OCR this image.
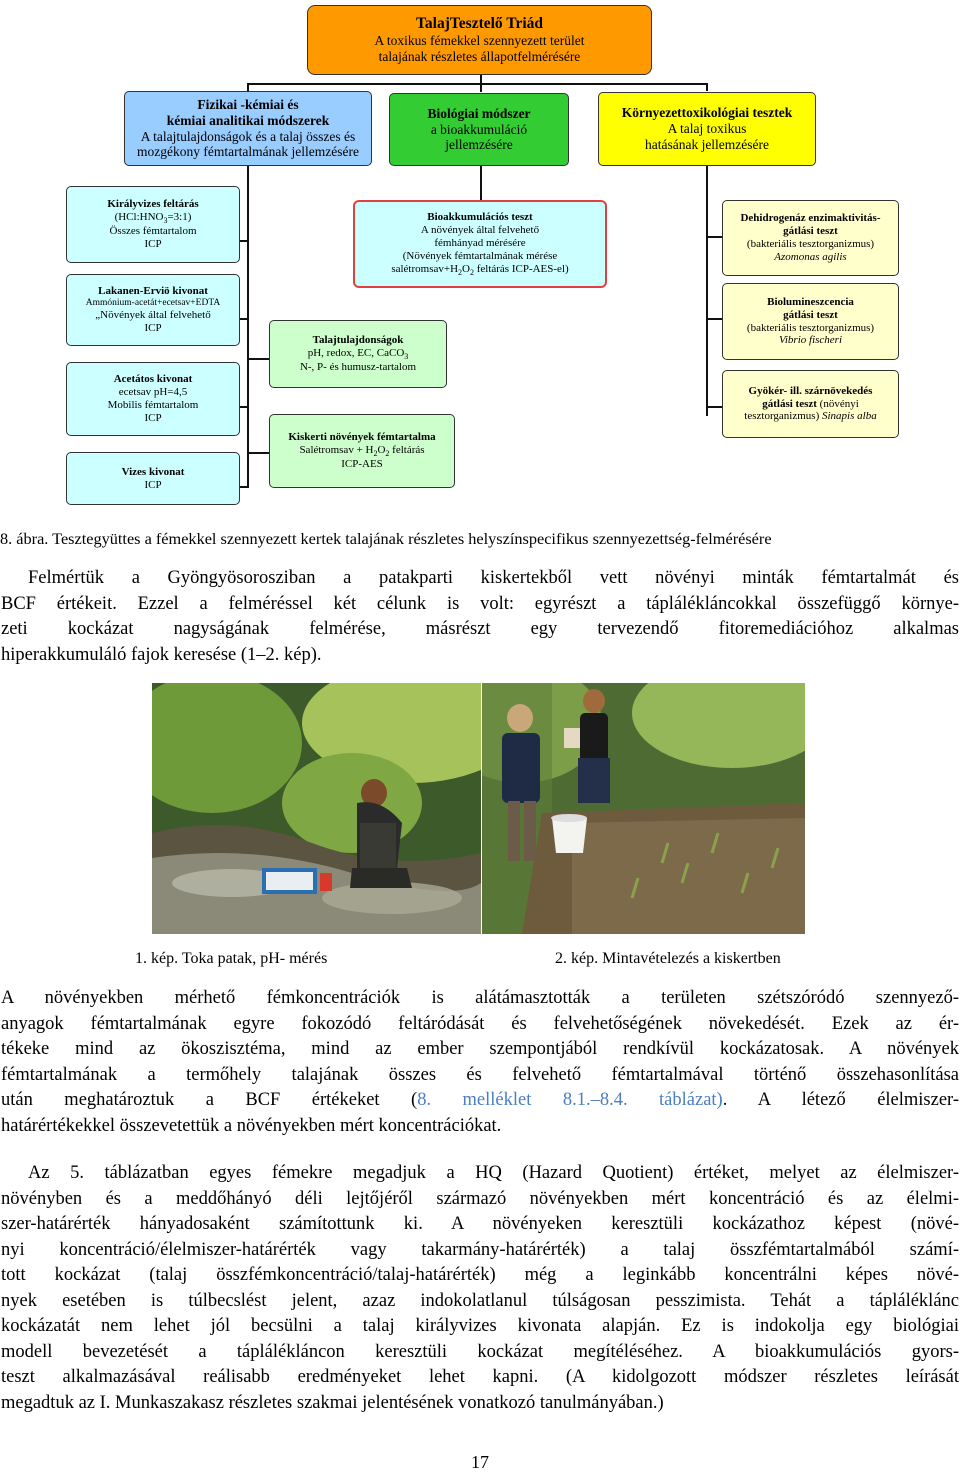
TalajTesztelő Triád
A toxikus fémekkel szennyezett terület
talajának részletes állapotfelmérésére
Fizikai -kémiai és
kémiai analitikai módszerek
A talajtulajdonságok és a talaj összes és
mozgékony fémtartalmának jellemzésére
Biológiai módszer
a bioakkumuláció
jellemzésére
Környezettoxikológiai tesztek
A talaj toxikus
hatásának jellemzésére
Királyvizes feltárás
$(HCl:HNO_3=3:1)$
Összes fémtartalom
ICP
Lakanen-Erviö kivonat
Ammónium-acetát+ecetsav+EDTA
„Növények által felvehető
ICP
Acetátos kivonat
ecetsav pH=4,5
Mobilis fémtartalom
ICP
Vizes kivonat
ICP
Bioakkumulációs teszt
A növények által felvehető
fémhányad mérésére
(Növények fémtartalmának mérése
$salétromsav+H_2O_2$ feltárás ICP-AES-el)
Talajtulajdonságok
pH, redox, EC, CaCO$_3$
N-, P- és humusz-tartalom
Kiskerti növények fémtartalma
Salétromsav + $H_2O_2$ feltárás
ICP-AES
Dehidrogenáz enzimaktivitás-
gátlási teszt
(bakteriális tesztorganizmus)
Azomonas agilis
Biolumineszcencia
gátlási teszt
(bakteriális tesztorganizmus)
Vibrio fischeri
Gyökér- ill. szárnövekedés
gátlási teszt (növényi
tesztorganizmus) Sinapis alba
8. ábra. Tesztegyüttes a fémekkel szennyezett kertek talajának részletes helyszínspecifikus szennyezettség-felmérésére
Felmértük a Gyöngyösorosziban a patakparti kiskertekből vett növényi minták fémtartalmát és
BCF értékeit. Ezzel a felméréssel két célunk is volt: egyrészt a táplálékláncokkal összefüggő környe-
zeti kockázat nagyságának felmérése, másrészt egy tervezendő fitoremediációhoz alkalmas
hiperakkumuláló fajok keresése (1–2. kép).
1. kép. Toka patak, pH- mérés	2. kép. Mintavételezés a kiskertben
A növényekben mérhető fémkoncentrációk is alátámasztották a területen szétszóródó szennyező-
anyagok fémtartalmának egyre fokozódó feltáródását és felvehetőségének növekedését. Ezek az ér-
tékeke mind az ökoszisztéma, mind az ember szempontjából rendkívül kockázatosak. A növények
fémtartalmának a termőhely talajának összes és felvehető fémtartalmával történő összehasonlítása
után meghatároztuk a BCF értékeket (8. melléklet 8.1.–8.4. táblázat). A létező élelmiszer-
határértékekkel összevetettük a növényekben mért koncentrációkat.
Az 5. táblázatban egyes fémekre megadjuk a HQ (Hazard Quotient) értéket, melyet az élelmiszer-
növényben és a meddőhányó déli lejtőjéről származó növényekben mért koncentráció és az élelmi-
szer-határérték hányadosaként számítottunk ki. A növényeken keresztüli kockázathoz képest (növé-
nyi koncentráció/élelmiszer-határérték vagy takarmány-határérték) a talaj összfémtartalmából számí-
tott kockázat (talaj összfémkoncentráció/talaj-határérték) még a leginkább koncentrálni képes növé-
nyek esetében is túlbecslést jelent, azaz indokolatlanul túlságosan pesszimista. Tehát a tápláléklánc
kockázatát nem lehet jól becsülni a talaj királyvizes kivonata alapján. Ez is indokolja egy biológiai
modell bevezetését a táplálékláncon keresztüli kockázat megítéléséhez. A bioakkumulációs gyors-
teszt alkalmazásával reálisabb eredményeket lehet kapni. (A kidolgozott módszer részletes leírását
megadtuk az I. Munkaszakasz részletes szakmai jelentésének vonatkozó tanulmányában.)
17
